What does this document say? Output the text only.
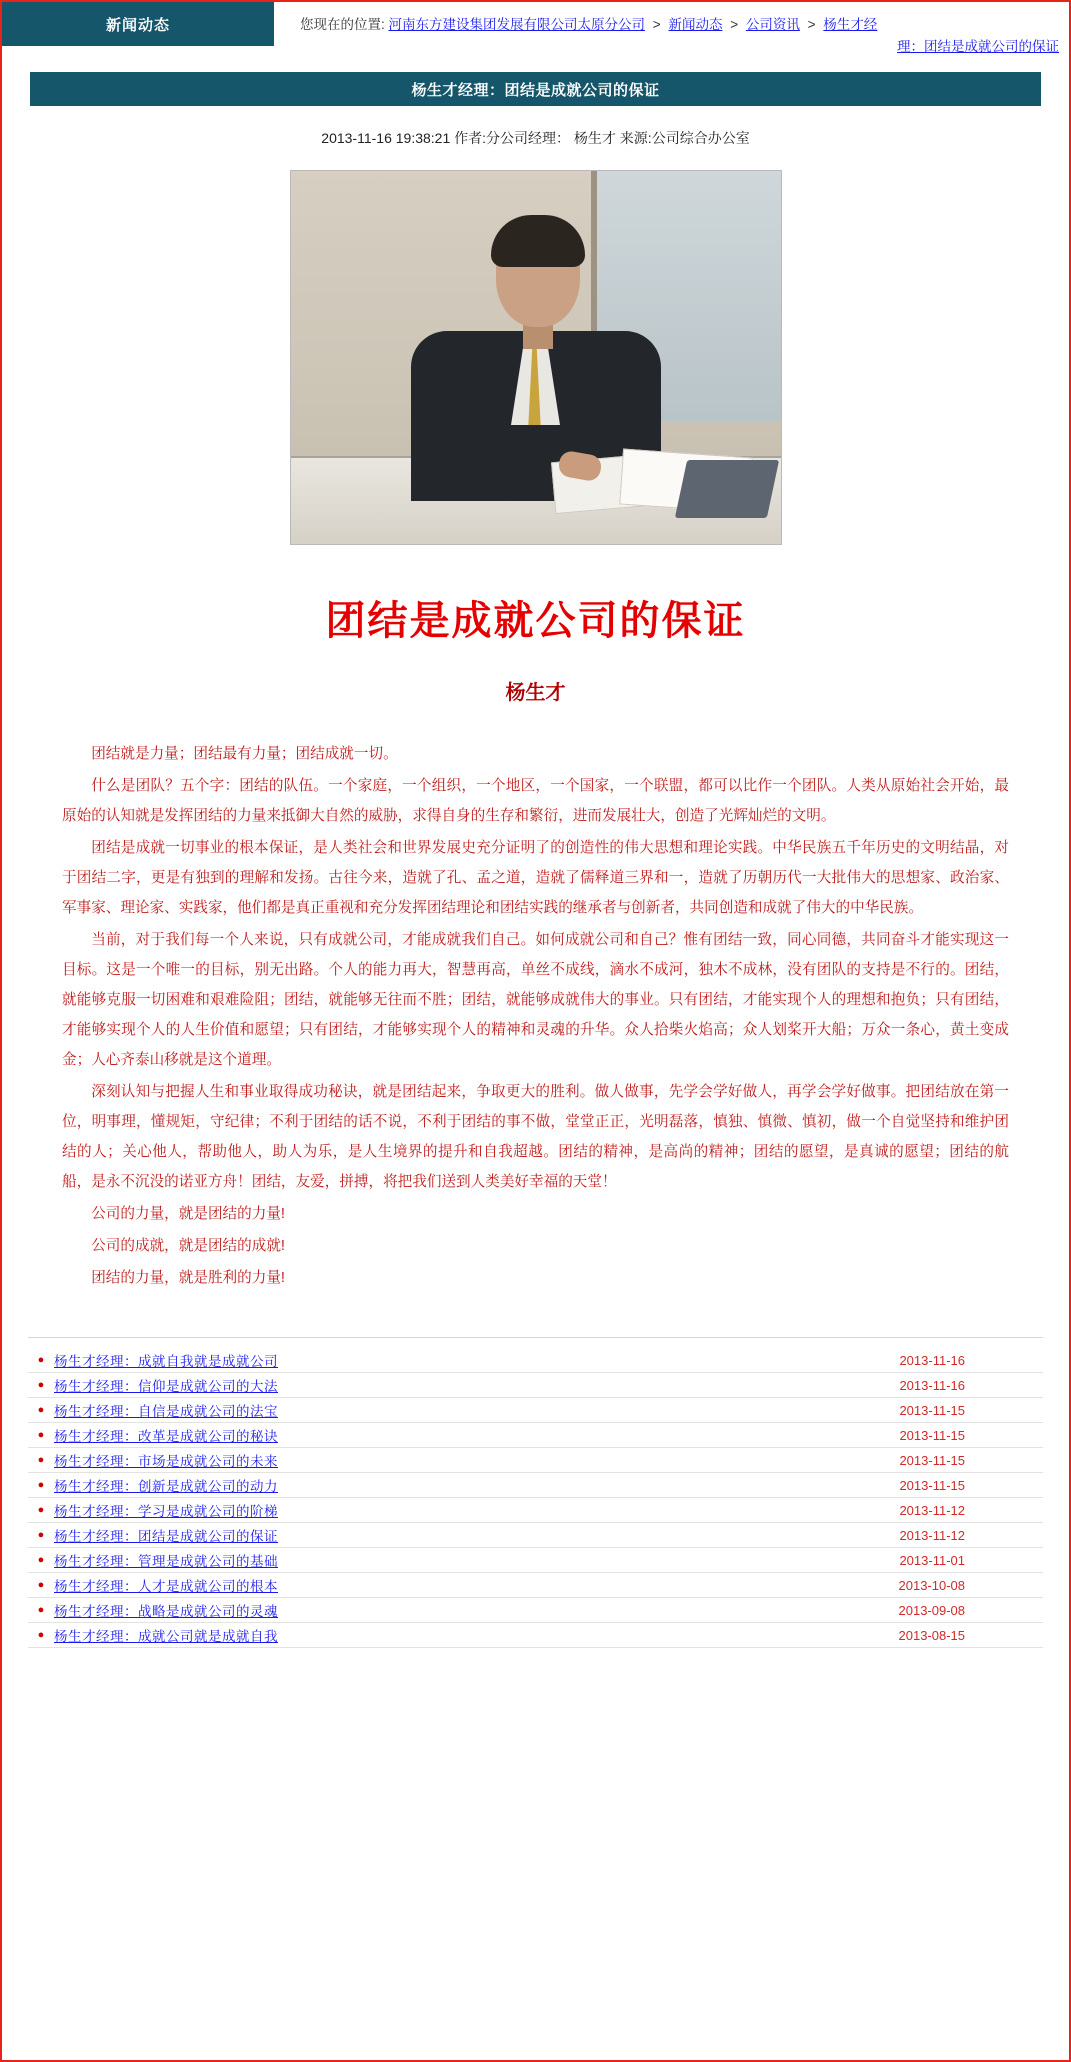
新闻动态	您现在的位置: 河南东方建设集团发展有限公司太原分公司 > 新闻动态 > 公司资讯 > 杨生才经
理：团结是成就公司的保证
杨生才经理：团结是成就公司的保证
2013-11-16 19:38:21 作者:分公司经理： 杨生才 来源:公司综合办公室
团结是成就公司的保证
杨生才

团结就是力量；团结最有力量；团结成就一切。

什么是团队？五个字：团结的队伍。一个家庭，一个组织，一个地区，一个国家，一个联盟，都可以比作一个团队。人类从原始社会开始，最原始的认知就是发挥团结的力量来抵御大自然的威胁，求得自身的生存和繁衍，进而发展壮大，创造了光辉灿烂的文明。

团结是成就一切事业的根本保证，是人类社会和世界发展史充分证明了的创造性的伟大思想和理论实践。中华民族五千年历史的文明结晶，对于团结二字，更是有独到的理解和发扬。古往今来，造就了孔、孟之道，造就了儒释道三界和一，造就了历朝历代一大批伟大的思想家、政治家、军事家、理论家、实践家，他们都是真正重视和充分发挥团结理论和团结实践的继承者与创新者，共同创造和成就了伟大的中华民族。

当前，对于我们每一个人来说，只有成就公司，才能成就我们自己。如何成就公司和自己？惟有团结一致，同心同德，共同奋斗才能实现这一目标。这是一个唯一的目标，别无出路。个人的能力再大，智慧再高，单丝不成线，滴水不成河，独木不成林，没有团队的支持是不行的。团结，就能够克服一切困难和艰难险阻；团结，就能够无往而不胜；团结，就能够成就伟大的事业。只有团结，才能实现个人的理想和抱负；只有团结，才能够实现个人的人生价值和愿望；只有团结，才能够实现个人的精神和灵魂的升华。众人拾柴火焰高；众人划桨开大船；万众一条心，黄土变成金；人心齐泰山移就是这个道理。

深刻认知与把握人生和事业取得成功秘诀，就是团结起来，争取更大的胜利。做人做事，先学会学好做人，再学会学好做事。把团结放在第一位，明事理，懂规矩，守纪律；不利于团结的话不说，不利于团结的事不做，堂堂正正，光明磊落，慎独、慎微、慎初，做一个自觉坚持和维护团结的人；关心他人，帮助他人，助人为乐，是人生境界的提升和自我超越。团结的精神，是高尚的精神；团结的愿望，是真诚的愿望；团结的航船，是永不沉没的诺亚方舟！团结，友爱，拼搏，将把我们送到人类美好幸福的天堂！

公司的力量，就是团结的力量!

公司的成就，就是团结的成就!

团结的力量，就是胜利的力量!

● 杨生才经理：成就自我就是成就公司	2013-11-16
● 杨生才经理：信仰是成就公司的大法	2013-11-16
● 杨生才经理：自信是成就公司的法宝	2013-11-15
● 杨生才经理：改革是成就公司的秘诀	2013-11-15
● 杨生才经理：市场是成就公司的未来	2013-11-15
● 杨生才经理：创新是成就公司的动力	2013-11-15
● 杨生才经理：学习是成就公司的阶梯	2013-11-12
● 杨生才经理：团结是成就公司的保证	2013-11-12
● 杨生才经理：管理是成就公司的基础	2013-11-01
● 杨生才经理：人才是成就公司的根本	2013-10-08
● 杨生才经理：战略是成就公司的灵魂	2013-09-08
● 杨生才经理：成就公司就是成就自我	2013-08-15
